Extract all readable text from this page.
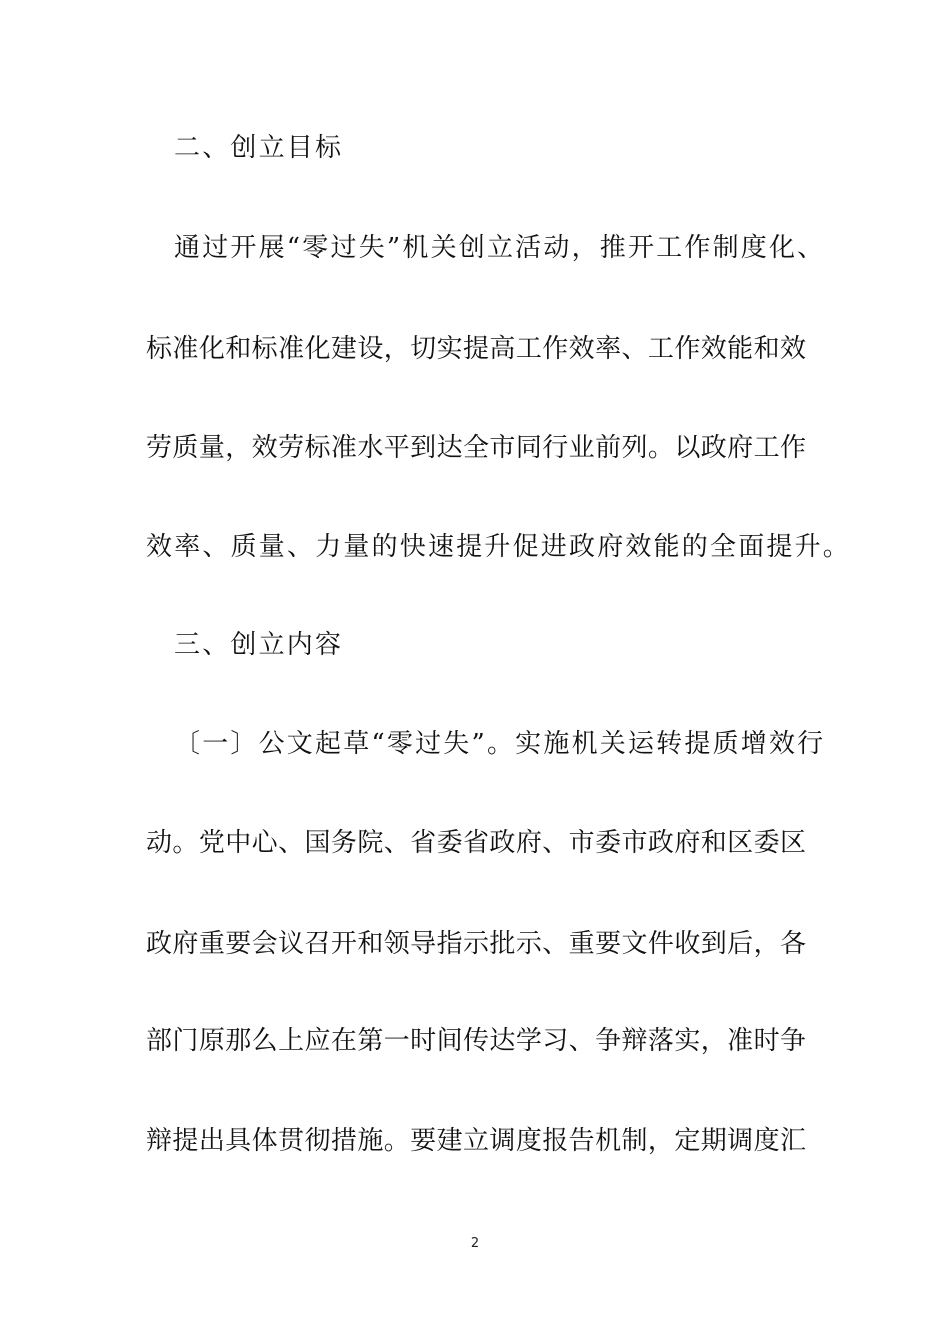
二、创立目标
通过开展“零过失”机关创立活动，推开工作制度化、
标准化和标准化建设，切实提高工作效率、工作效能和效
劳质量，效劳标准水平到达全市同行业前列。以政府工作
效率、质量、力量的快速提升促进政府效能的全面提升。
三、创立内容
〔一〕公文起草“零过失”。实施机关运转提质增效行
动。党中心、国务院、省委省政府、市委市政府和区委区
政府重要会议召开和领导指示批示、重要文件收到后，各
部门原那么上应在第一时间传达学习、争辩落实，准时争
辩提出具体贯彻措施。要建立调度报告机制，定期调度汇
2
